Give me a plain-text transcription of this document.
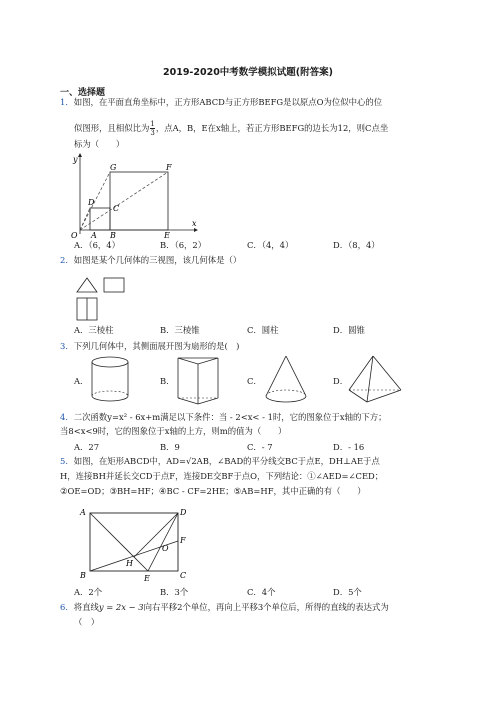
2019-2020中考数学模拟试题(附答案)
一、选择题
1．如图，在平面直角坐标中，正方形ABCD与正方形BEFG是以原点O为位似中心的位
似图形，且相似比为 $\frac{1}{3}$ ，点A，B，E在x轴上，若正方形BEFG的边长为12，则C点坐
标为（　　）
y
x
O A B	E
C
D
G	F
A．（6，4）	B．（6，2）	C．（4，4）	D．（8，4）
2．如图是某个几何体的三视图，该几何体是（）
A．三棱柱	B．三棱锥	C．圆柱	D．圆锥
3．下列几何体中，其侧面展开图为扇形的是(　)
A．	B．	C．	D．
4．二次函数y=x² - 6x+m满足以下条件：当 - 2<x< - 1时，它的图象位于x轴的下方；
当8<x<9时，它的图象位于x轴的上方，则m的值为（　　）
A．27	B．9	C．- 7	D．- 16
5．如图，在矩形ABCD中，AD=√2AB，∠BAD的平分线交BC于点E，DH⊥AE于点
H，连接BH并延长交CD于点F，连接DE交BF于点O，下列结论：①∠AED=∠CED；
②OE=OD；③BH=HF；④BC - CF=2HE；⑤AB=HF，其中正确的有（　　）
A	D
B	C
E
F
H
O
A．2个	B．3个	C．4个	D．5个
6．将直线y = 2x − 3向右平移2个单位，再向上平移3个单位后，所得的直线的表达式为
（　）
